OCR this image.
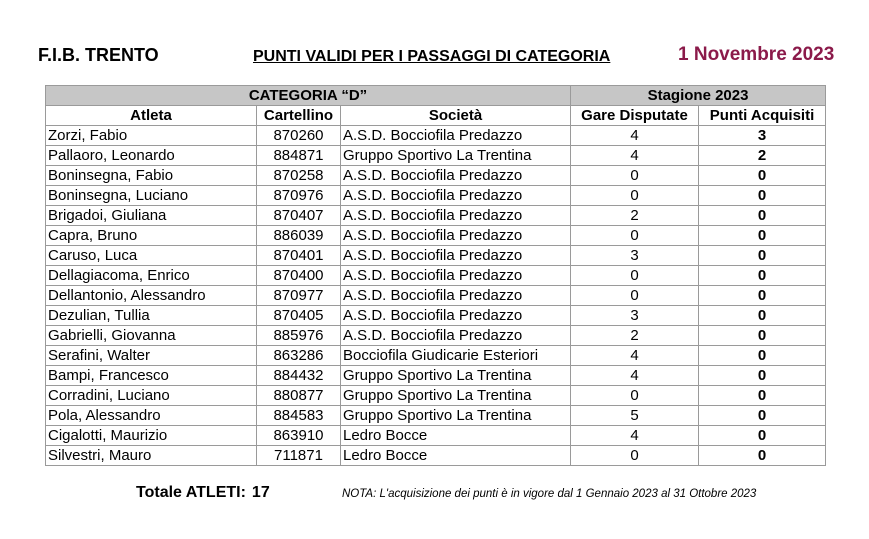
F.I.B. TRENTO	PUNTI VALIDI PER I PASSAGGI DI CATEGORIA	1 Novembre 2023
CATEGORIA “D”			Stagione 2023	
Atleta	Cartellino	Società	Gare Disputate	Punti Acquisiti
Zorzi, Fabio	870260	A.S.D. Bocciofila Predazzo	4	3
Pallaoro, Leonardo	884871	Gruppo Sportivo La Trentina	4	2
Boninsegna, Fabio	870258	A.S.D. Bocciofila Predazzo	0	0
Boninsegna, Luciano	870976	A.S.D. Bocciofila Predazzo	0	0
Brigadoi, Giuliana	870407	A.S.D. Bocciofila Predazzo	2	0
Capra, Bruno	886039	A.S.D. Bocciofila Predazzo	0	0
Caruso, Luca	870401	A.S.D. Bocciofila Predazzo	3	0
Dellagiacoma, Enrico	870400	A.S.D. Bocciofila Predazzo	0	0
Dellantonio, Alessandro	870977	A.S.D. Bocciofila Predazzo	0	0
Dezulian, Tullia	870405	A.S.D. Bocciofila Predazzo	3	0
Gabrielli, Giovanna	885976	A.S.D. Bocciofila Predazzo	2	0
Serafini, Walter	863286	Bocciofila Giudicarie Esteriori	4	0
Bampi, Francesco	884432	Gruppo Sportivo La Trentina	4	0
Corradini, Luciano	880877	Gruppo Sportivo La Trentina	0	0
Pola, Alessandro	884583	Gruppo Sportivo La Trentina	5	0
Cigalotti, Maurizio	863910	Ledro Bocce	4	0
Silvestri, Mauro	711871	Ledro Bocce	0	0
Totale ATLETI: 17	NOTA: L'acquisizione dei punti è in vigore dal 1 Gennaio 2023 al 31 Ottobre 2023
